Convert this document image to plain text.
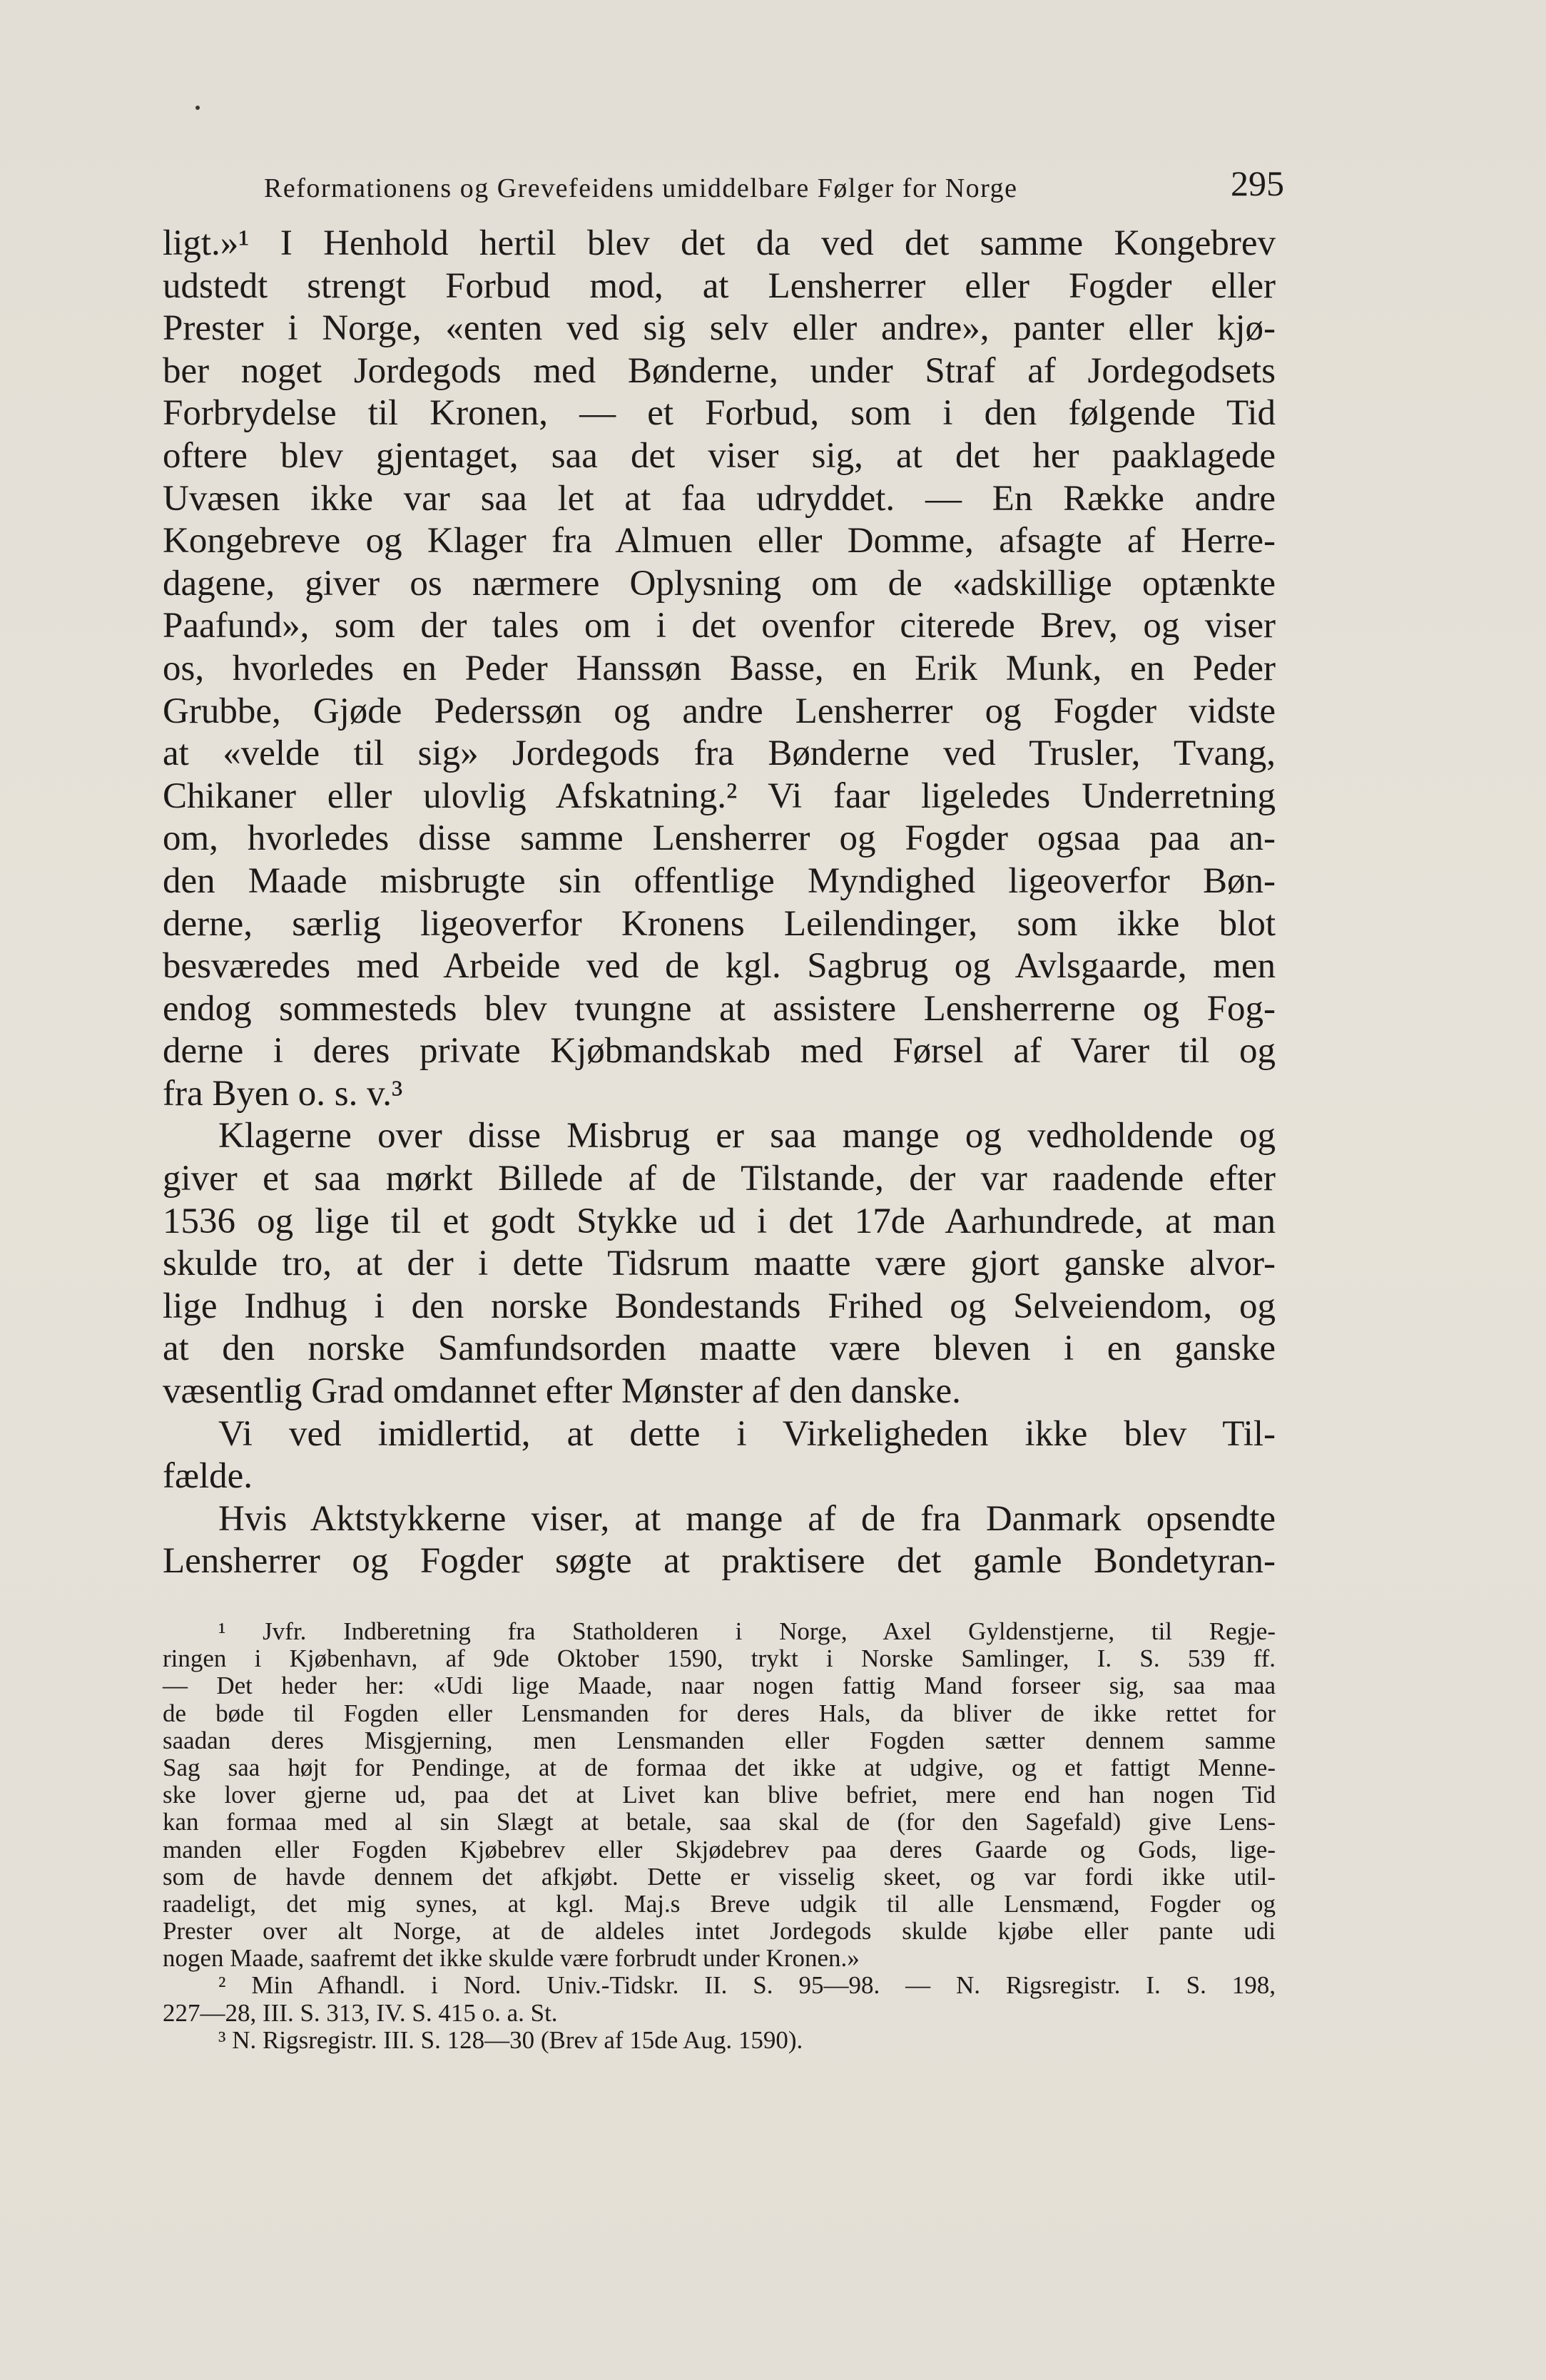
Reformationens og Grevefeidens umiddelbare Følger for Norge	295
ligt.»¹ I Henhold hertil blev det da ved det samme Kongebrev
udstedt strengt Forbud mod, at Lensherrer eller Fogder eller
Prester i Norge, «enten ved sig selv eller andre», panter eller kjø-
ber noget Jordegods med Bønderne, under Straf af Jordegodsets
Forbrydelse til Kronen, — et Forbud, som i den følgende Tid
oftere blev gjentaget, saa det viser sig, at det her paaklagede
Uvæsen ikke var saa let at faa udryddet. — En Række andre
Kongebreve og Klager fra Almuen eller Domme, afsagte af Herre-
dagene, giver os nærmere Oplysning om de «adskillige optænkte
Paafund», som der tales om i det ovenfor citerede Brev, og viser
os, hvorledes en Peder Hanssøn Basse, en Erik Munk, en Peder
Grubbe, Gjøde Pederssøn og andre Lensherrer og Fogder vidste
at «velde til sig» Jordegods fra Bønderne ved Trusler, Tvang,
Chikaner eller ulovlig Afskatning.² Vi faar ligeledes Underretning
om, hvorledes disse samme Lensherrer og Fogder ogsaa paa an-
den Maade misbrugte sin offentlige Myndighed ligeoverfor Bøn-
derne, særlig ligeoverfor Kronens Leilendinger, som ikke blot
besværedes med Arbeide ved de kgl. Sagbrug og Avlsgaarde, men
endog sommesteds blev tvungne at assistere Lensherrerne og Fog-
derne i deres private Kjøbmandskab med Førsel af Varer til og
fra Byen o. s. v.³
Klagerne over disse Misbrug er saa mange og vedholdende og
giver et saa mørkt Billede af de Tilstande, der var raadende efter
1536 og lige til et godt Stykke ud i det 17de Aarhundrede, at man
skulde tro, at der i dette Tidsrum maatte være gjort ganske alvor-
lige Indhug i den norske Bondestands Frihed og Selveiendom, og
at den norske Samfundsorden maatte være bleven i en ganske
væsentlig Grad omdannet efter Mønster af den danske.
Vi ved imidlertid, at dette i Virkeligheden ikke blev Til-
fælde.
Hvis Aktstykkerne viser, at mange af de fra Danmark opsendte
Lensherrer og Fogder søgte at praktisere det gamle Bondetyran-
¹ Jvfr. Indberetning fra Statholderen i Norge, Axel Gyldenstjerne, til Regje-
ringen i Kjøbenhavn, af 9de Oktober 1590, trykt i Norske Samlinger, I. S. 539 ff.
— Det heder her: «Udi lige Maade, naar nogen fattig Mand forseer sig, saa maa
de bøde til Fogden eller Lensmanden for deres Hals, da bliver de ikke rettet for
saadan deres Misgjerning, men Lensmanden eller Fogden sætter dennem samme
Sag saa højt for Pendinge, at de formaa det ikke at udgive, og et fattigt Menne-
ske lover gjerne ud, paa det at Livet kan blive befriet, mere end han nogen Tid
kan formaa med al sin Slægt at betale, saa skal de (for den Sagefald) give Lens-
manden eller Fogden Kjøbebrev eller Skjødebrev paa deres Gaarde og Gods, lige-
som de havde dennem det afkjøbt. Dette er visselig skeet, og var fordi ikke util-
raadeligt, det mig synes, at kgl. Maj.s Breve udgik til alle Lensmænd, Fogder og
Prester over alt Norge, at de aldeles intet Jordegods skulde kjøbe eller pante udi
nogen Maade, saafremt det ikke skulde være forbrudt under Kronen.»
² Min Afhandl. i Nord. Univ.-Tidskr. II. S. 95—98. — N. Rigsregistr. I. S. 198,
227—28, III. S. 313, IV. S. 415 o. a. St.
³ N. Rigsregistr. III. S. 128—30 (Brev af 15de Aug. 1590).
